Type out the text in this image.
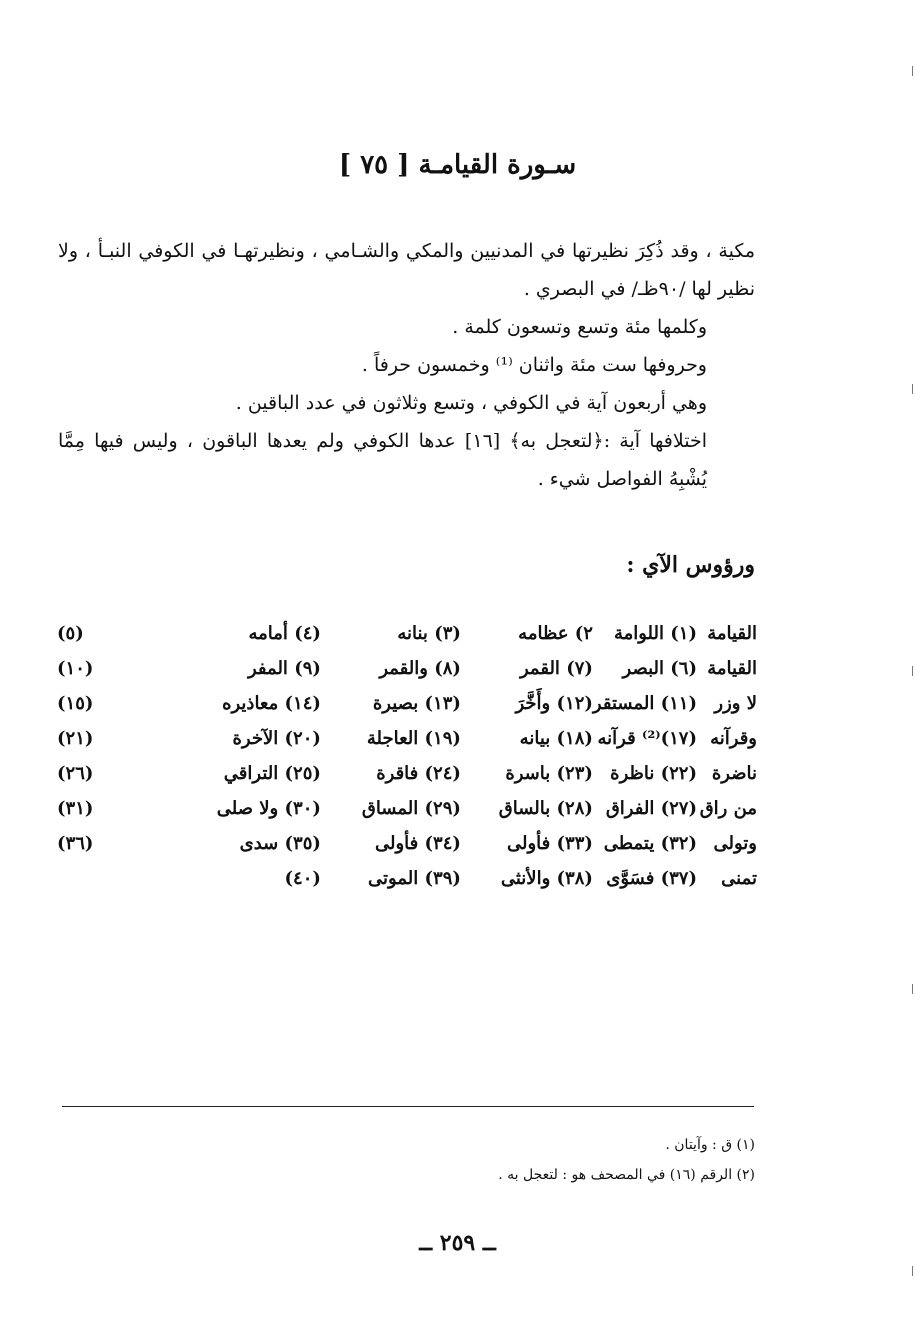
سـورة القيامـة [ ٧٥ ]

مكية ، وقد ذُكِرَ نظيرتها في المدنيين والمكي والشـامي ، ونظيرتهـا في الكوفي النبـأ ، ولا نظير لها /٩٠ظـ/ في البصري .

وكلمها مئة وتسع وتسعون كلمة .

وحروفها ست مئة واثنان ⁽¹⁾ وخمسون حرفاً .

وهي أربعون آية في الكوفي ، وتسع وثلاثون في عدد الباقين .

اختلافها آية :﴿لتعجل به﴾ [١٦] عدها الكوفي ولم يعدها الباقون ، وليس فيها مِمَّا يُشْبِهُ الفواصل شيء .

ورؤوس الآي :
القيامة	(١) اللوامة	٢) عظامه	(٣) بنانه	(٤) أمامه	(٥)
القيامة	(٦) البصر	(٧) القمر	(٨) والقمر	(٩) المفر	(١٠)
لا وزر	(١١) المستقر	(١٢) وأَخَّرَ	(١٣) بصيرة	(١٤) معاذيره	(١٥)
وقرآنه	(١٧)⁽²⁾ قرآنه	(١٨) بيانه	(١٩) العاجلة	(٢٠) الآخرة	(٢١)
ناضرة	(٢٢) ناظرة	(٢٣) باسرة	(٢٤) فاقرة	(٢٥) التراقي	(٢٦)
من راق	(٢٧) الفراق	(٢٨) بالساق	(٢٩) المساق	(٣٠) ولا صلى	(٣١)
وتولى	(٣٢) يتمطى	(٣٣) فأولى	(٣٤) فأولى	(٣٥) سدى	(٣٦)
تمنى	(٣٧) فسَوَّى	(٣٨) والأنثى	(٣٩) الموتى	(٤٠)	

(١) ق : وآيتان .

(٢) الرقم (١٦) في المصحف هو : لتعجل به .

ــ ٢٥٩ ــ
